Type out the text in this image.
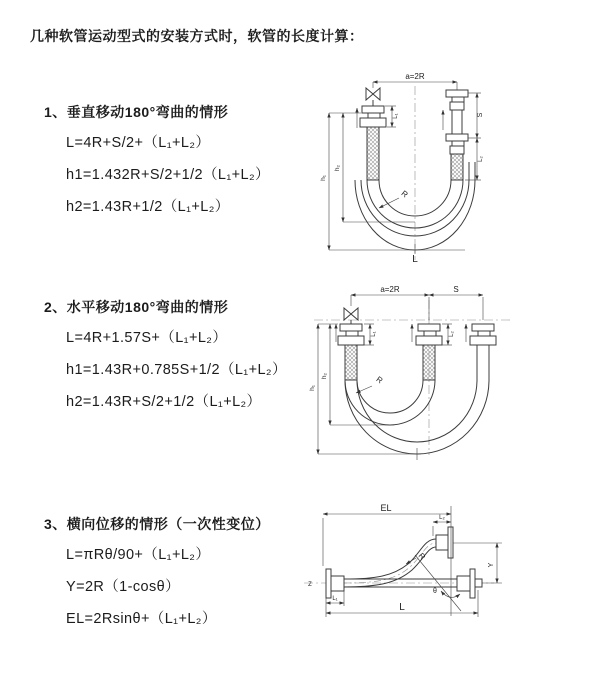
几种软管运动型式的安装方式时，软管的长度计算：
1、垂直移动180°弯曲的情形
L=4R+S/2+（L₁+L₂）
h1=1.432R+S/2+1/2（L₁+L₂）
h2=1.43R+1/2（L₁+L₂）
2、水平移动180°弯曲的情形
L=4R+1.57S+（L₁+L₂）
h1=1.43R+0.785S+1/2（L₁+L₂）
h2=1.43R+S/2+1/2（L₁+L₂）
3、横向位移的情形（一次性变位）
L=πRθ/90+（L₁+L₂）
Y=2R（1-cosθ）
EL=2Rsinθ+（L₁+L₂）
a=2R
L₁	S
L₂
h₁
h₂
R
L
a=2R	S
L₁	L₂
h₁
h₂	R
EL
L₂
Y
R
θ
L
L₁
Z
